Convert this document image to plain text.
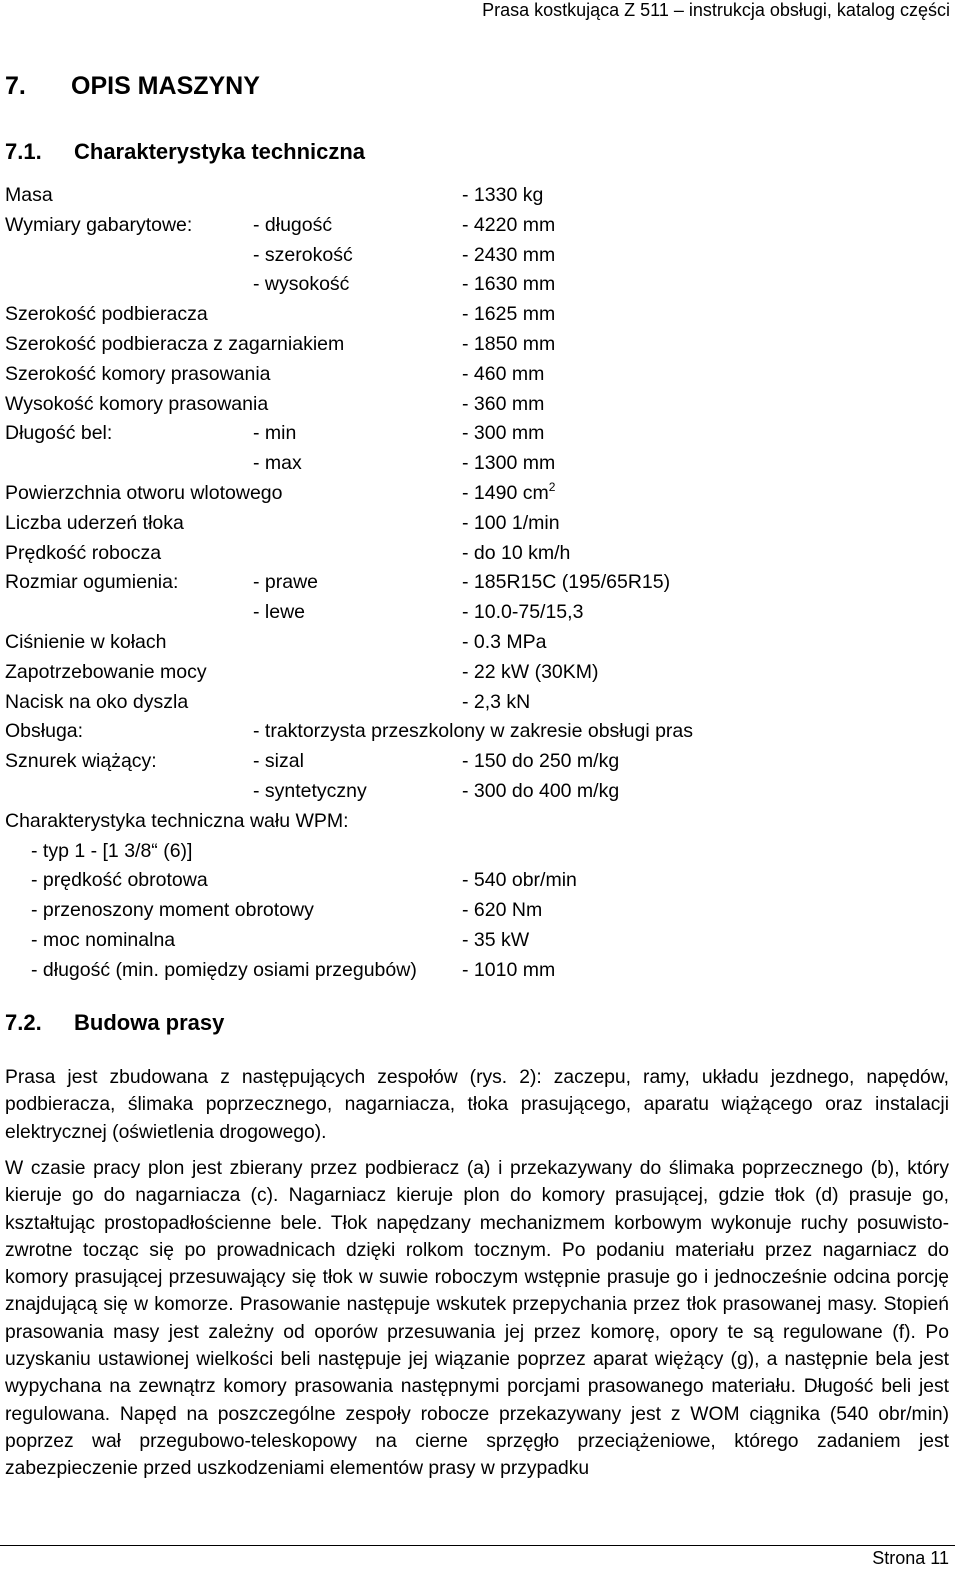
Prasa kostkująca Z 511 – instrukcja obsługi, katalog części
7. OPIS MASZYNY
7.1. Charakterystyka techniczna
Masa	- 1330 kg
Wymiary gabarytowe:	- długość	- 4220 mm
- szerokość	- 2430 mm
- wysokość	- 1630 mm
Szerokość podbieracza	- 1625 mm
Szerokość podbieracza z zagarniakiem	- 1850 mm
Szerokość komory prasowania	- 460 mm
Wysokość komory prasowania	- 360 mm
Długość bel:	- min	- 300 mm
- max	- 1300 mm
Powierzchnia otworu wlotowego	- 1490 $cm^2$
Liczba uderzeń tłoka	- 100 1/min
Prędkość robocza	- do 10 km/h
Rozmiar ogumienia:	- prawe	- 185R15C (195/65R15)
- lewe	- 10.0-75/15,3
Ciśnienie w kołach	- 0.3 MPa
Zapotrzebowanie mocy	- 22 kW (30KM)
Nacisk na oko dyszla	- 2,3 kN
Obsługa:	- traktorzysta przeszkolony w zakresie obsługi pras
Sznurek wiążący:	- sizal	- 150 do 250 m/kg
- syntetyczny	- 300 do 400 m/kg
Charakterystyka techniczna wału WPM:
- typ 1 - [1 3/8“ (6)]
- prędkość obrotowa	- 540 obr/min
- przenoszony moment obrotowy	- 620 Nm
- moc nominalna	- 35 kW
- długość (min. pomiędzy osiami przegubów) - 1010 mm
7.2. Budowa prasy

Prasa jest zbudowana z następujących zespołów (rys. 2): zaczepu, ramy, układu jezdnego, napędów, podbieracza, ślimaka poprzecznego, nagarniacza, tłoka prasującego, aparatu wiążącego oraz instalacji elektrycznej (oświetlenia drogowego).

W czasie pracy plon jest zbierany przez podbieracz (a) i przekazywany do ślimaka poprzecznego (b), który kieruje go do nagarniacza (c). Nagarniacz kieruje plon do komory prasującej, gdzie tłok (d) prasuje go, kształtując prostopadłościenne bele. Tłok napędzany mechanizmem korbowym wykonuje ruchy posuwisto-zwrotne tocząc się po prowadnicach dzięki rolkom tocznym. Po podaniu materiału przez nagarniacz do komory prasującej przesuwający się tłok w suwie roboczym wstępnie prasuje go i jednocześnie odcina porcję znajdującą się w komorze. Prasowanie następuje wskutek przepychania przez tłok prasowanej masy. Stopień prasowania masy jest zależny od oporów przesuwania jej przez komorę, opory te są regulowane (f). Po uzyskaniu ustawionej wielkości beli następuje jej wiązanie poprzez aparat więżący (g), a następnie bela jest wypychana na zewnątrz komory prasowania następnymi porcjami prasowanego materiału. Długość beli jest regulowana. Napęd na poszczególne zespoły robocze przekazywany jest z WOM ciągnika (540 obr/min) poprzez wał przegubowo-teleskopowy na cierne sprzęgło przeciążeniowe, którego zadaniem jest zabezpieczenie przed uszkodzeniami elementów prasy w przypadku

Strona 11
